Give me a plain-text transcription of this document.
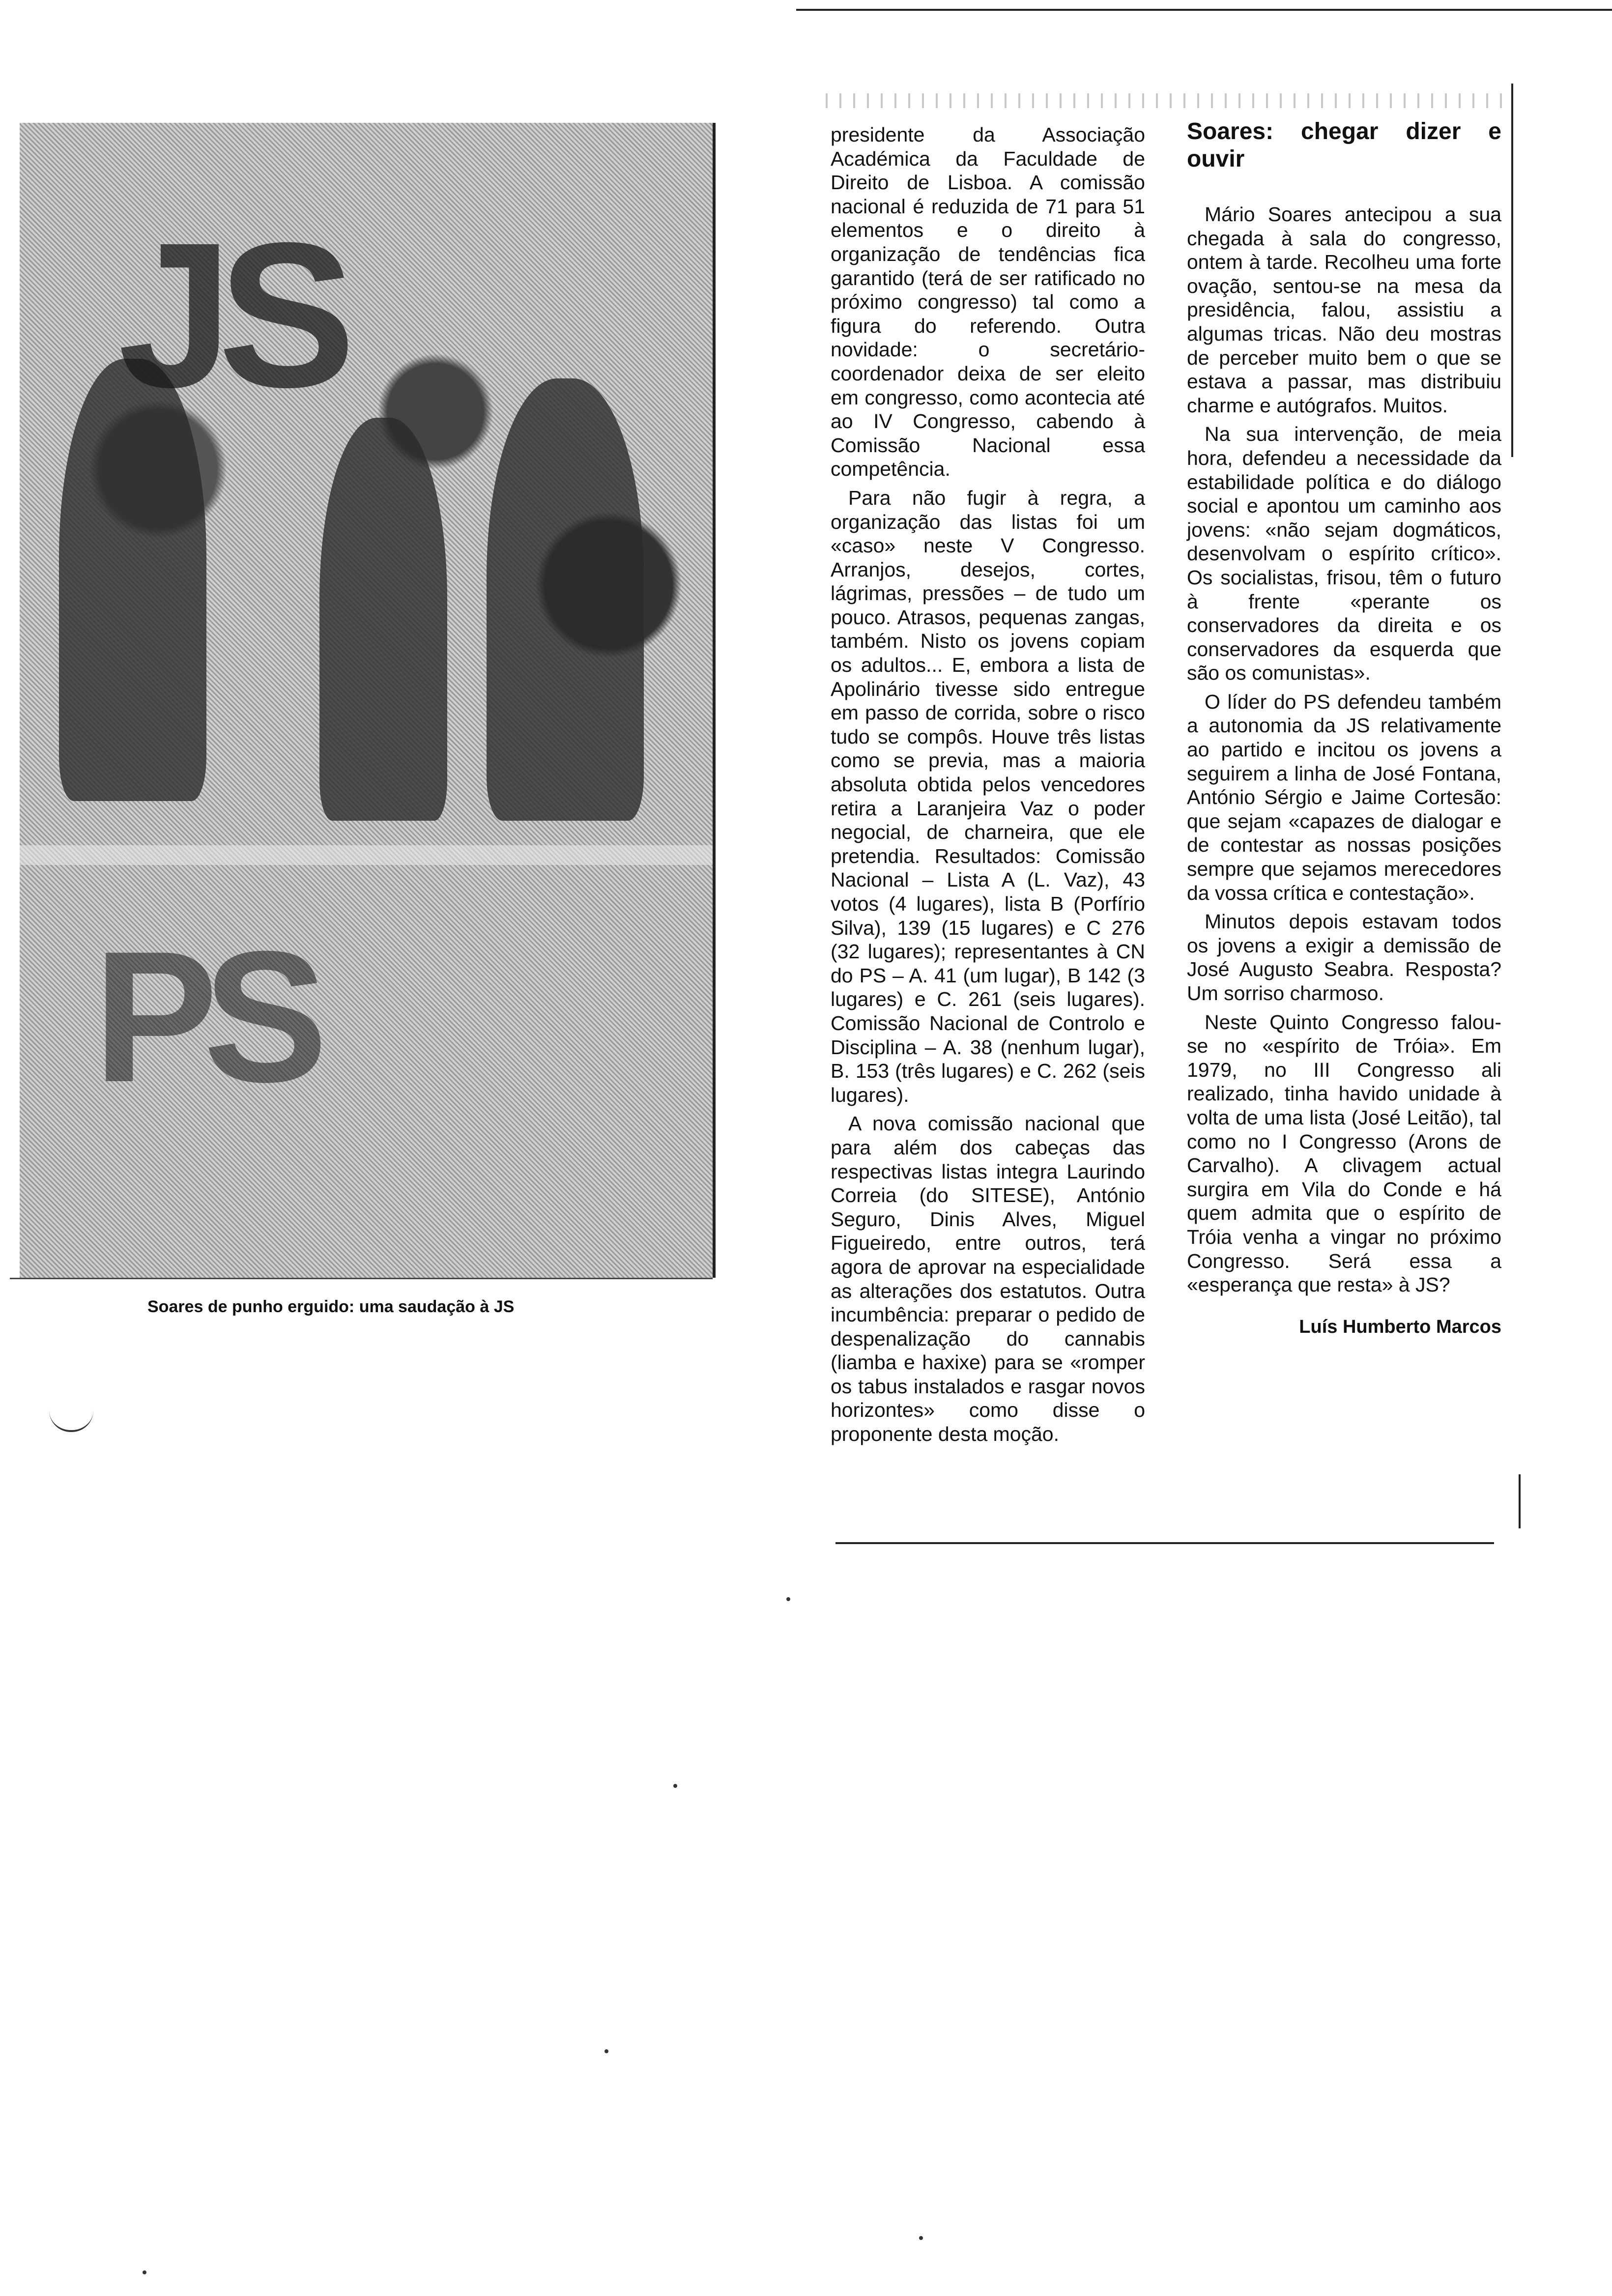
JS
PS
Soares de punho erguido: uma saudação à JS

presidente da Associação Académica da Faculdade de Direito de Lisboa. A comissão nacional é reduzida de 71 para 51 elementos e o direito à organização de tendências fica garantido (terá de ser ratificado no próximo congresso) tal como a figura do referendo. Outra novidade: o secretário-coordenador deixa de ser eleito em congresso, como acontecia até ao IV Congresso, cabendo à Comissão Nacional essa competência.

Para não fugir à regra, a organização das listas foi um «caso» neste V Congresso. Arranjos, desejos, cortes, lágrimas, pressões – de tudo um pouco. Atrasos, pequenas zangas, também. Nisto os jovens copiam os adultos... E, embora a lista de Apolinário tivesse sido entregue em passo de corrida, sobre o risco tudo se compôs. Houve três listas como se previa, mas a maioria absoluta obtida pelos vencedores retira a Laranjeira Vaz o poder negocial, de charneira, que ele pretendia. Resultados: Comissão Nacional – Lista A (L. Vaz), 43 votos (4 lugares), lista B (Porfírio Silva), 139 (15 lugares) e C 276 (32 lugares); representantes à CN do PS – A. 41 (um lugar), B 142 (3 lugares) e C. 261 (seis lugares). Comissão Nacional de Controlo e Disciplina – A. 38 (nenhum lugar), B. 153 (três lugares) e C. 262 (seis lugares).

A nova comissão nacional que para além dos cabeças das respectivas listas integra Laurindo Correia (do SITESE), António Seguro, Dinis Alves, Miguel Figueiredo, entre outros, terá agora de aprovar na especialidade as alterações dos estatutos. Outra incumbência: preparar o pedido de despenalização do cannabis (liamba e haxixe) para se «romper os tabus instalados e rasgar novos horizontes» como disse o proponente desta moção.

Soares: chegar dizer e ouvir

Mário Soares antecipou a sua chegada à sala do congresso, ontem à tarde. Recolheu uma forte ovação, sentou-se na mesa da presidência, falou, assistiu a algumas tricas. Não deu mostras de perceber muito bem o que se estava a passar, mas distribuiu charme e autógrafos. Muitos.

Na sua intervenção, de meia hora, defendeu a necessidade da estabilidade política e do diálogo social e apontou um caminho aos jovens: «não sejam dogmáticos, desenvolvam o espírito crítico». Os socialistas, frisou, têm o futuro à frente «perante os conservadores da direita e os conservadores da esquerda que são os comunistas».

O líder do PS defendeu também a autonomia da JS relativamente ao partido e incitou os jovens a seguirem a linha de José Fontana, António Sérgio e Jaime Cortesão: que sejam «capazes de dialogar e de contestar as nossas posições sempre que sejamos merecedores da vossa crítica e contestação».

Minutos depois estavam todos os jovens a exigir a demissão de José Augusto Seabra. Resposta? Um sorriso charmoso.

Neste Quinto Congresso falou-se no «espírito de Tróia». Em 1979, no III Congresso ali realizado, tinha havido unidade à volta de uma lista (José Leitão), tal como no I Congresso (Arons de Carvalho). A clivagem actual surgira em Vila do Conde e há quem admita que o espírito de Tróia venha a vingar no próximo Congresso. Será essa a «esperança que resta» à JS?

Luís Humberto Marcos
